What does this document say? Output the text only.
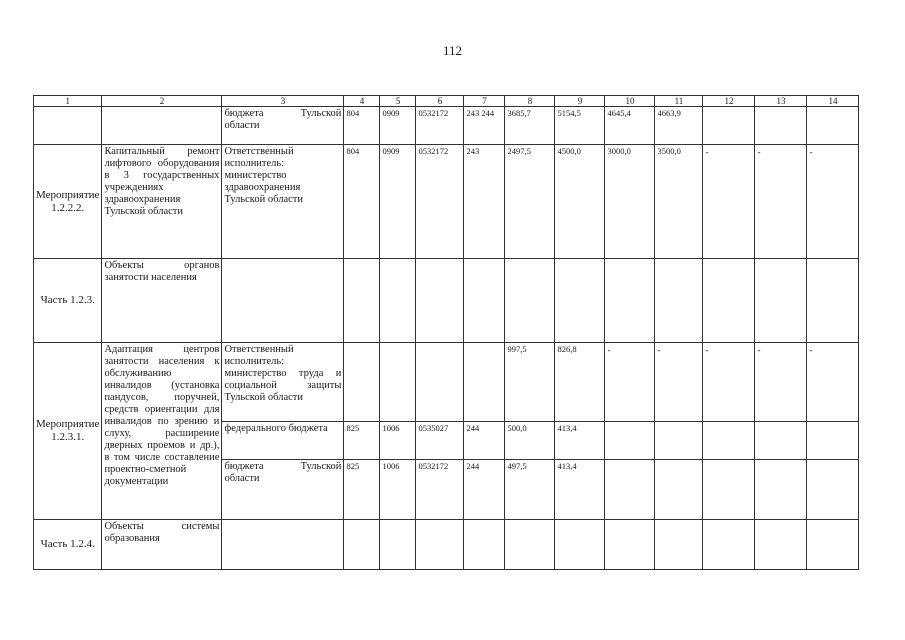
112
1	2	3	4	5	6	7	8	9	10	11	12	13	14
		бюджета Тульской области	804	0909	0532172	243 244	3685,7	5154,5	4645,4	4663,9			
Мероприятие 1.2.2.2.	Капитальный ремонт лифтового оборудования в 3 государственных учреждениях здравоохранения Тульской области	Ответственный исполнитель: министерство здравоохранения Тульской области	804	0909	0532172	243	2497,5	4500,0	3000,0	3500,0	-	-	-
Часть 1.2.3.	Объекты органов занятости населения												
Мероприятие 1.2.3.1.	Адаптация центров занятости населения к обслуживанию инвалидов (установка пандусов, поручней, средств ориентации для инвалидов по зрению и слуху, расширение дверных проемов и др.), в том числе составление проектно-сметной документации	Ответственный исполнитель: министерство труда и социальной защиты Тульской области					997,5	826,8	-	-	-	-	-
		федерального бюджета	825	1006	0535027	244	500,0	413,4					
		бюджета Тульской области	825	1006	0532172	244	497,5	413,4					
Часть 1.2.4.	Объекты системы образования												
